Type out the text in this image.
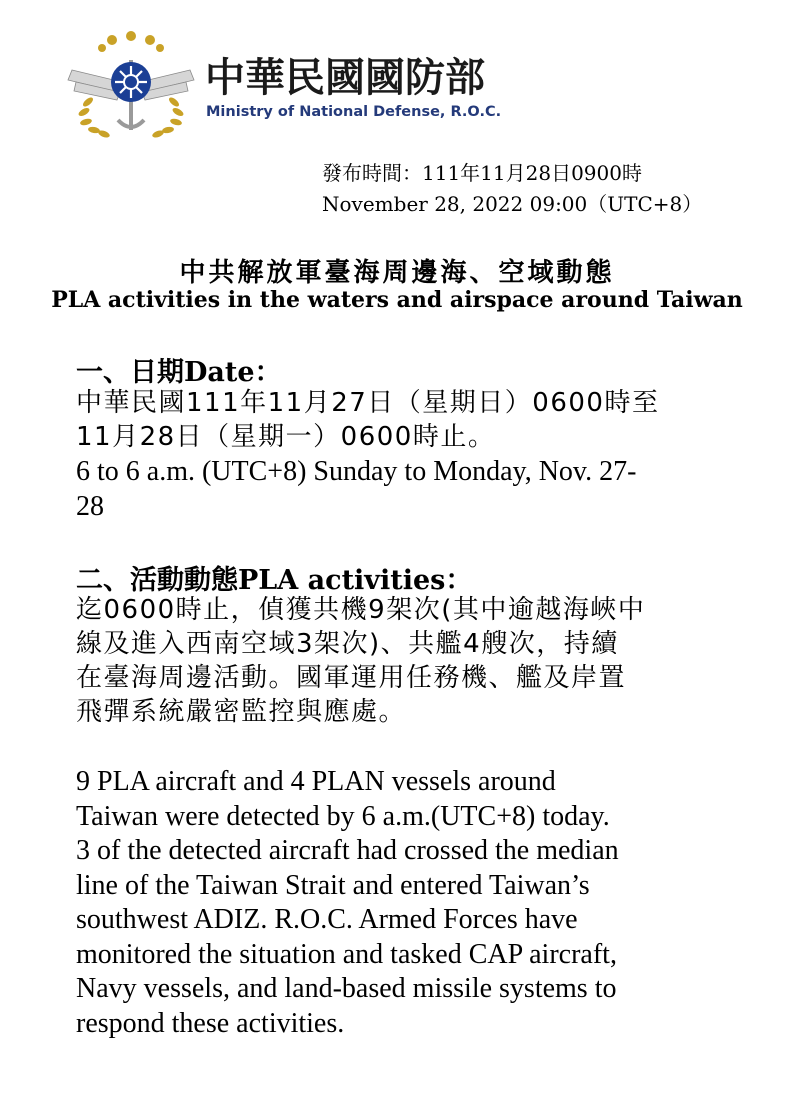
中華民國國防部
Ministry of National Defense, R.O.C.
發布時間：111年11月28日0900時
November 28, 2022 09:00（UTC+8）
中共解放軍臺海周邊海、空域動態
PLA activities in the waters and airspace around Taiwan
一、日期Date：
中華民國111年11月27日（星期日）0600時至
11月28日（星期一）0600時止。
6 to 6 a.m. (UTC+8) Sunday to Monday, Nov. 27-
28
二、活動動態PLA activities：
迄0600時止，偵獲共機9架次(其中逾越海峽中
線及進入西南空域3架次)、共艦4艘次，持續
在臺海周邊活動。國軍運用任務機、艦及岸置
飛彈系統嚴密監控與應處。
9 PLA aircraft and 4 PLAN vessels around
Taiwan were detected by 6 a.m.(UTC+8) today.
3 of the detected aircraft had crossed the median
line of the Taiwan Strait and entered Taiwan’s
southwest ADIZ. R.O.C. Armed Forces have
monitored the situation and tasked CAP aircraft,
Navy vessels, and land-based missile systems to
respond these activities.
